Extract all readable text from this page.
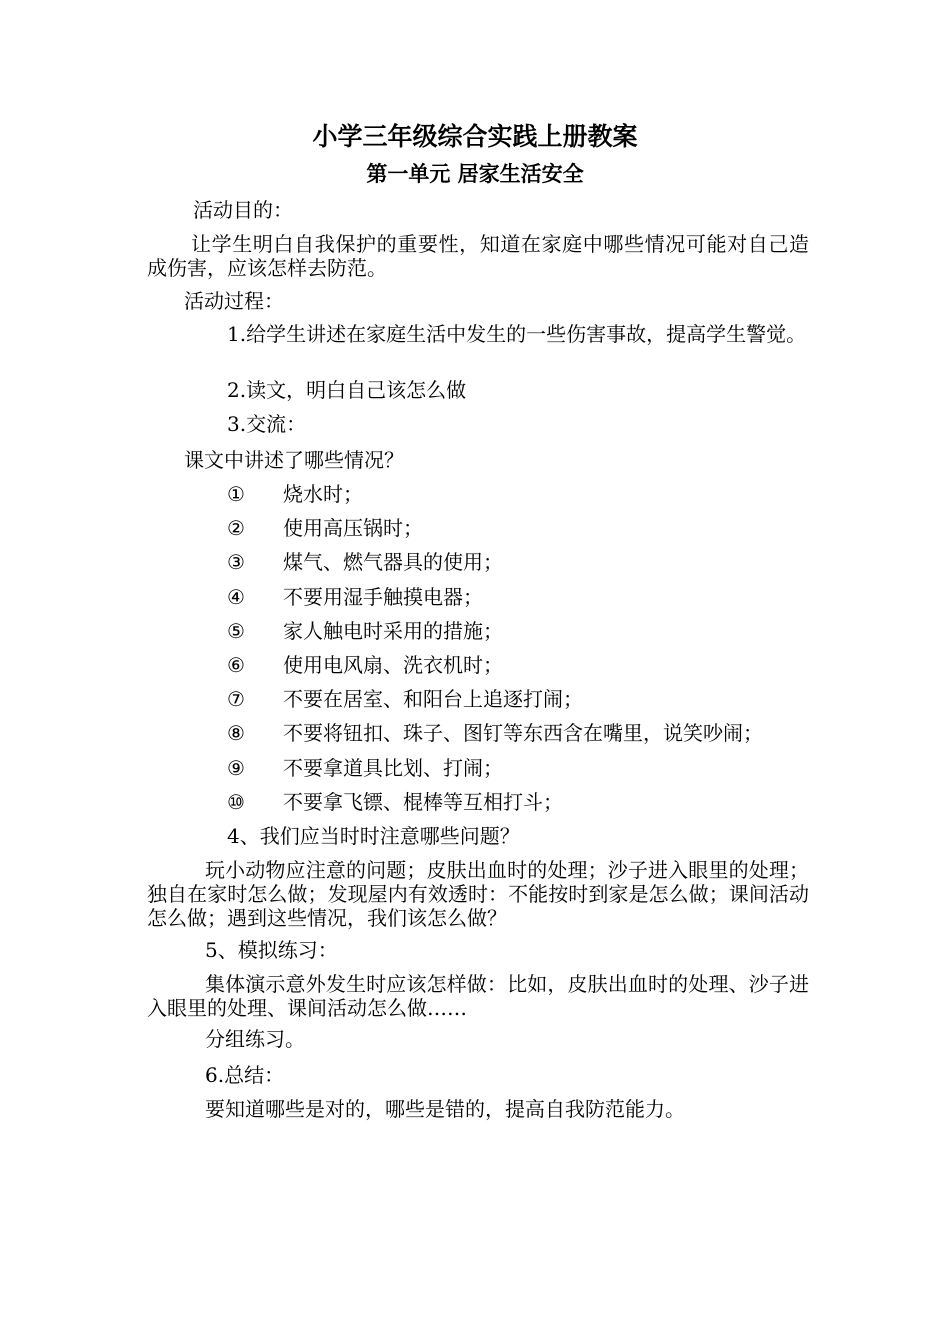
小学三年级综合实践上册教案
第一单元 居家生活安全
活动目的：
让学生明白自我保护的重要性，知道在家庭中哪些情况可能对自己造成伤害，应该怎样去防范。
活动过程：
1.给学生讲述在家庭生活中发生的一些伤害事故，提高学生警觉。
2.读文，明白自己该怎么做
3.交流：
课文中讲述了哪些情况？
① 烧水时；
② 使用高压锅时；
③ 煤气、燃气器具的使用；
④ 不要用湿手触摸电器；
⑤ 家人触电时采用的措施；
⑥ 使用电风扇、洗衣机时；
⑦ 不要在居室、和阳台上追逐打闹；
⑧ 不要将钮扣、珠子、图钉等东西含在嘴里，说笑吵闹；
⑨ 不要拿道具比划、打闹；
⑩ 不要拿飞镖、棍棒等互相打斗；
4、我们应当时时注意哪些问题？
玩小动物应注意的问题；皮肤出血时的处理；沙子进入眼里的处理；独自在家时怎么做；发现屋内有效透时：不能按时到家是怎么做；课间活动怎么做；遇到这些情况，我们该怎么做？
5、模拟练习：
集体演示意外发生时应该怎样做：比如，皮肤出血时的处理、沙子进入眼里的处理、课间活动怎么做……
分组练习。
6.总结：
要知道哪些是对的，哪些是错的，提高自我防范能力。
